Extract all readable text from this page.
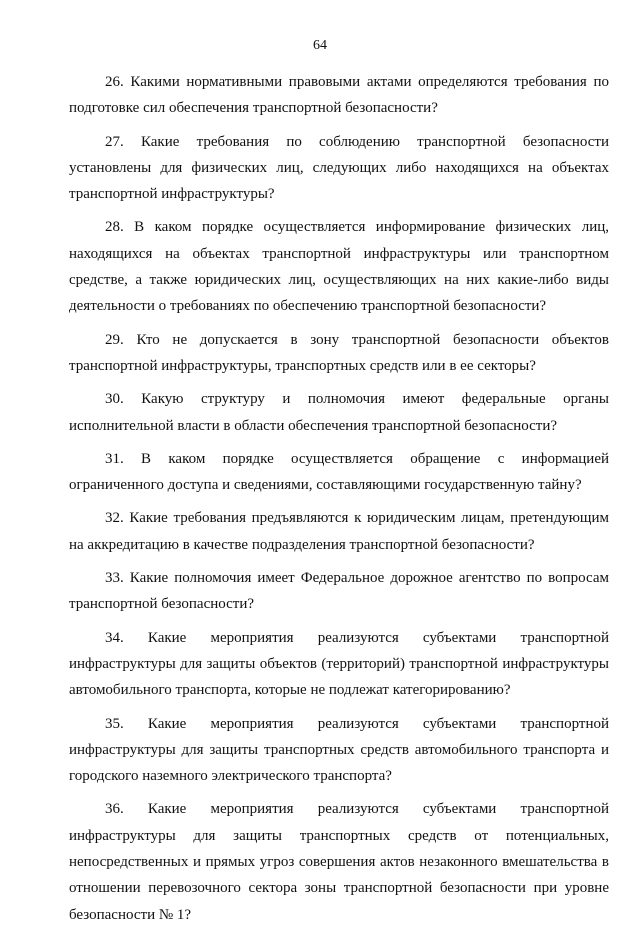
64

26. Какими нормативными правовыми актами определяются требования по подготовке сил обеспечения транспортной безопасности?

27. Какие требования по соблюдению транспортной безопасности установлены для физических лиц, следующих либо находящихся на объектах транспортной инфраструктуры?

28. В каком порядке осуществляется информирование физических лиц, находящихся на объектах транспортной инфраструктуры или транспортном средстве, а также юридических лиц, осуществляющих на них какие-либо виды деятельности о требованиях по обеспечению транспортной безопасности?

29. Кто не допускается в зону транспортной безопасности объектов транспортной инфраструктуры, транспортных средств или в ее секторы?

30. Какую структуру и полномочия имеют федеральные органы исполнительной власти в области обеспечения транспортной безопасности?

31. В каком порядке осуществляется обращение с информацией ограниченного доступа и сведениями, составляющими государственную тайну?

32. Какие требования предъявляются к юридическим лицам, претендующим на аккредитацию в качестве подразделения транспортной безопасности?

33. Какие полномочия имеет Федеральное дорожное агентство по вопросам транспортной безопасности?

34. Какие мероприятия реализуются субъектами транспортной инфраструктуры для защиты объектов (территорий) транспортной инфраструктуры автомобильного транспорта, которые не подлежат категорированию?

35. Какие мероприятия реализуются субъектами транспортной инфраструктуры для защиты транспортных средств автомобильного транспорта и городского наземного электрического транспорта?

36. Какие мероприятия реализуются субъектами транспортной инфраструктуры для защиты транспортных средств от потенциальных, непосредственных и прямых угроз совершения актов незаконного вмешательства в отношении перевозочного сектора зоны транспортной безопасности при уровне безопасности № 1?
